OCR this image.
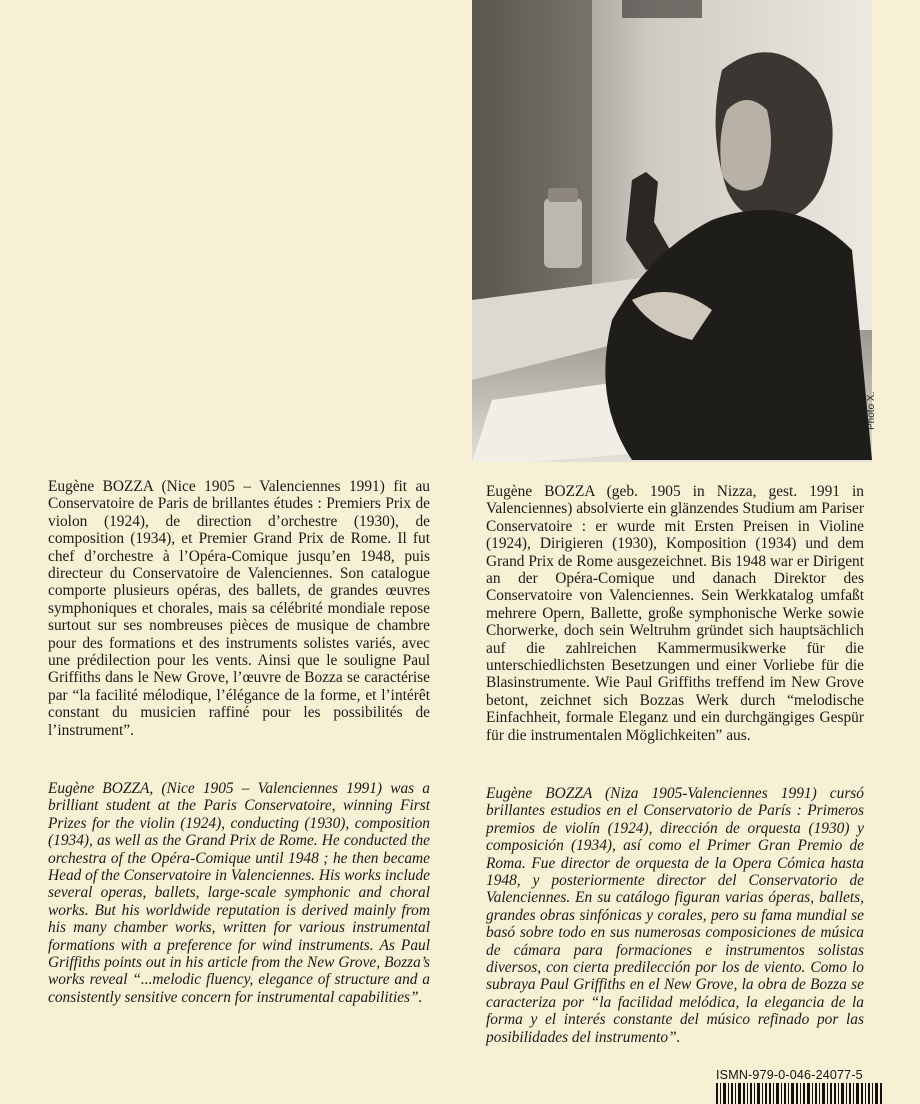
Photo X.

Eugène BOZZA (Nice 1905 – Valenciennes 1991) fit au Conservatoire de Paris de brillantes études : Premiers Prix de violon (1924), de direction d’orchestre (1930), de composition (1934), et Premier Grand Prix de Rome. Il fut chef d’orchestre à l’Opéra-Comique jusqu’en 1948, puis directeur du Conservatoire de Valenciennes. Son catalogue comporte plusieurs opéras, des ballets, de grandes œuvres symphoniques et chorales, mais sa célébrité mondiale repose surtout sur ses nombreuses pièces de musique de chambre pour des formations et des instruments solistes variés, avec une prédilection pour les vents. Ainsi que le souligne Paul Griffiths dans le New Grove, l’œuvre de Bozza se caractérise par “la facilité mélodique, l’élégance de la forme, et l’intérêt constant du musicien raffiné pour les possibilités de l’instrument”.

Eugène BOZZA (geb. 1905 in Nizza, gest. 1991 in Valenciennes) absolvierte ein glänzendes Studium am Pariser Conservatoire : er wurde mit Ersten Preisen in Violine (1924), Dirigieren (1930), Komposition (1934) und dem Grand Prix de Rome ausgezeichnet. Bis 1948 war er Dirigent an der Opéra-Comique und danach Direktor des Conservatoire von Valenciennes. Sein Werkkatalog umfaßt mehrere Opern, Ballette, große symphonische Werke sowie Chorwerke, doch sein Weltruhm gründet sich hauptsächlich auf die zahlreichen Kammermusikwerke für die unterschiedlichsten Besetzungen und einer Vorliebe für die Blasinstrumente. Wie Paul Griffiths treffend im New Grove betont, zeichnet sich Bozzas Werk durch “melodische Einfachheit, formale Eleganz und ein durchgängiges Gespür für die instrumentalen Möglichkeiten” aus.

Eugène BOZZA, (Nice 1905 – Valenciennes 1991) was a brilliant student at the Paris Conservatoire, winning First Prizes for the violin (1924), conducting (1930), composition (1934), as well as the Grand Prix de Rome. He conducted the orchestra of the Opéra-Comique until 1948 ; he then became Head of the Conservatoire in Valenciennes. His works include several operas, ballets, large-scale symphonic and choral works. But his worldwide reputation is derived mainly from his many chamber works, written for various instrumental formations with a preference for wind instruments. As Paul Griffiths points out in his article from the New Grove, Bozza’s works reveal “...melodic fluency, elegance of structure and a consistently sensitive concern for instrumental capabilities”.

Eugène BOZZA (Niza 1905-Valenciennes 1991) cursó brillantes estudios en el Conservatorio de París : Primeros premios de violín (1924), dirección de orquesta (1930) y composición (1934), así como el Primer Gran Premio de Roma. Fue director de orquesta de la Opera Cómica hasta 1948, y posteriormente director del Conservatorio de Valenciennes. En su catálogo figuran varias óperas, ballets, grandes obras sinfónicas y corales, pero su fama mundial se basó sobre todo en sus numerosas composiciones de música de cámara para formaciones e instrumentos solistas diversos, con cierta predilección por los de viento. Como lo subraya Paul Griffiths en el New Grove, la obra de Bozza se caracteriza por “la facilidad melódica, la elegancia de la forma y el interés constante del músico refinado por las posibilidades del instrumento”.

ISMN-979-0-046-24077-5
